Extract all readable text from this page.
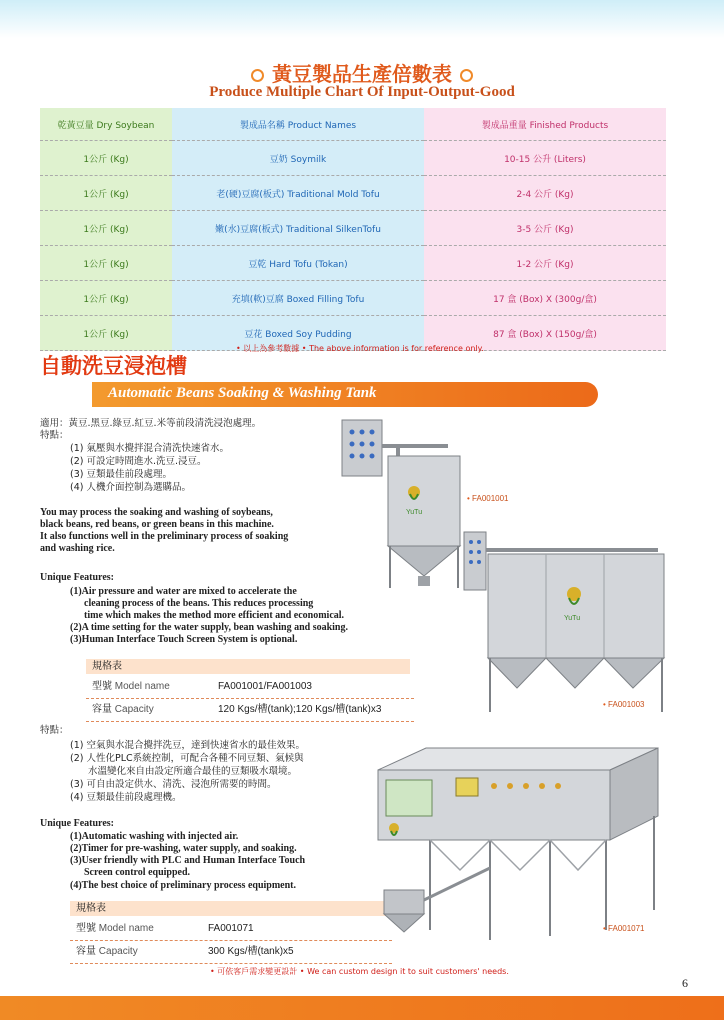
黃豆製品生產倍數表
Produce Multiple Chart Of Input-Output-Good
乾黃豆量 Dry Soybean	製成品名稱 Product Names	製成品重量 Finished Products
1公斤 (Kg)	豆奶 Soymilk	10-15 公升 (Liters)
1公斤 (Kg)	老(硬)豆腐(板式) Traditional Mold Tofu	2-4 公斤 (Kg)
1公斤 (Kg)	嫩(水)豆腐(板式) Traditional SilkenTofu	3-5 公斤 (Kg)
1公斤 (Kg)	豆乾 Hard Tofu (Tokan)	1-2 公斤 (Kg)
1公斤 (Kg)	充填(軟)豆腐 Boxed Filling Tofu	17 盒 (Box) X (300g/盒)
1公斤 (Kg)	豆花 Boxed Soy Pudding	87 盒 (Box) X (150g/盒)
• 以上為參考數據 • The above information is for reference only.
自動洗豆浸泡槽
Automatic Beans Soaking & Washing Tank
適用：黃豆.黑豆.綠豆.紅豆.米等前段清洗浸泡處理。
特點：
(1) 氣壓與水攪拌混合清洗快速省水。
(2) 可設定時間進水.洗豆.浸豆。
(3) 豆類最佳前段處理。
(4) 人機介面控制為選購品。
You may process the soaking and washing of soybeans,
black beans, red beans, or green beans in this machine.
It also functions well in the preliminary process of soaking
and washing rice.
Unique Features:
(1)Air pressure and water are mixed to accelerate the
cleaning process of the beans. This reduces processing
time which makes the method more efficient and economical.
(2)A time setting for the water supply, bean washing and soaking.
(3)Human Interface Touch Screen System is optional.
規格表
型號 Model name	FA001001/FA001003
容量 Capacity	120 Kgs/槽(tank);120 Kgs/槽(tank)x3
YuTu
• FA001001
YuTu
• FA001003
特點：
(1) 空氣與水混合攪拌洗豆，達到快速省水的最佳效果。
(2) 人性化PLC系統控制，可配合各種不同豆類、氣候與
水溫變化來自由設定所適合最佳的豆類吸水環境。
(3) 可自由設定供水、清洗、浸泡所需要的時間。
(4) 豆類最佳前段處理機。
Unique Features:
(1)Automatic washing with injected air.
(2)Timer for pre-washing, water supply, and soaking.
(3)User friendly with PLC and Human Interface Touch
Screen control equipped.
(4)The best choice of preliminary process equipment.
規格表
型號 Model name	FA001071
容量 Capacity	300 Kgs/槽(tank)x5
• FA001071
• 可依客戶需求變更設計 • We can custom design it to suit customers' needs.
6
